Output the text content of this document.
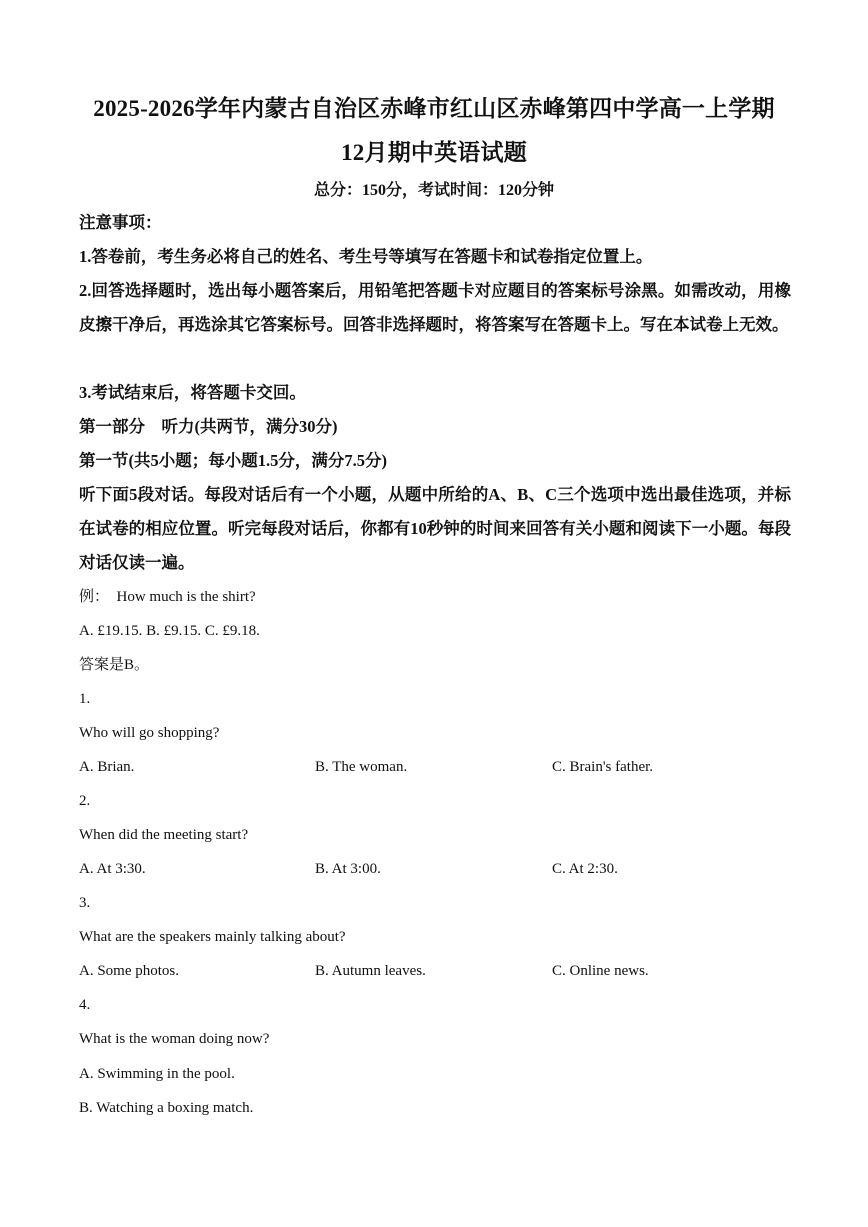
2025-2026学年内蒙古自治区赤峰市红山区赤峰第四中学高一上学期
12月期中英语试题
总分：150分，考试时间：120分钟
注意事项：
1.答卷前，考生务必将自己的姓名、考生号等填写在答题卡和试卷指定位置上。
2.回答选择题时，选出每小题答案后，用铅笔把答题卡对应题目的答案标号涂黑。如需改动，用橡皮擦干净后，再选涂其它答案标号。回答非选择题时，将答案写在答题卡上。写在本试卷上无效。
3.考试结束后，将答题卡交回。
第一部分　听力(共两节，满分30分)
第一节(共5小题；每小题1.5分，满分7.5分)
听下面5段对话。每段对话后有一个小题，从题中所给的A、B、C三个选项中选出最佳选项，并标在试卷的相应位置。听完每段对话后，你都有10秒钟的时间来回答有关小题和阅读下一小题。每段对话仅读一遍。
例：　How much is the shirt?
A. £19.15. B. £9.15. C. £9.18.
答案是B。
1.
Who will go shopping?
A. Brian.	B. The woman.	C. Brain's father.
2.
When did the meeting start?
A. At 3:30.	B. At 3:00.	C. At 2:30.
3.
What are the speakers mainly talking about?
A. Some photos.	B. Autumn leaves.	C. Online news.
4.
What is the woman doing now?
A. Swimming in the pool.
B. Watching a boxing match.
